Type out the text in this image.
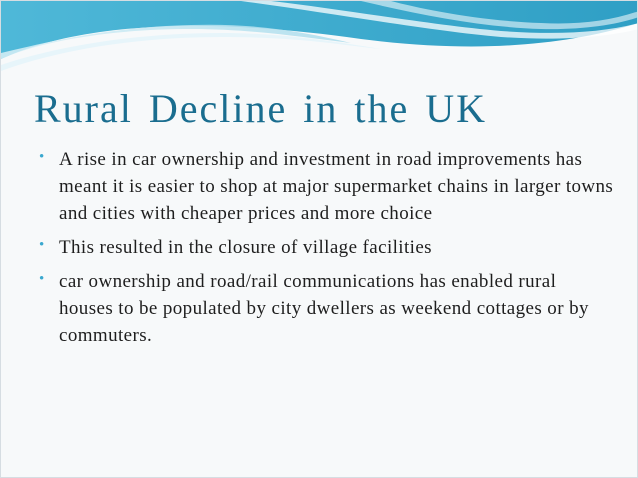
Rural Decline in the UK
• A rise in car ownership and investment in road improvements has meant it is easier to shop at major supermarket chains in larger towns and cities with cheaper prices and more choice
• This resulted in the closure of village facilities
• car ownership and road/rail communications has enabled rural houses to be populated by city dwellers as weekend cottages or by commuters.
